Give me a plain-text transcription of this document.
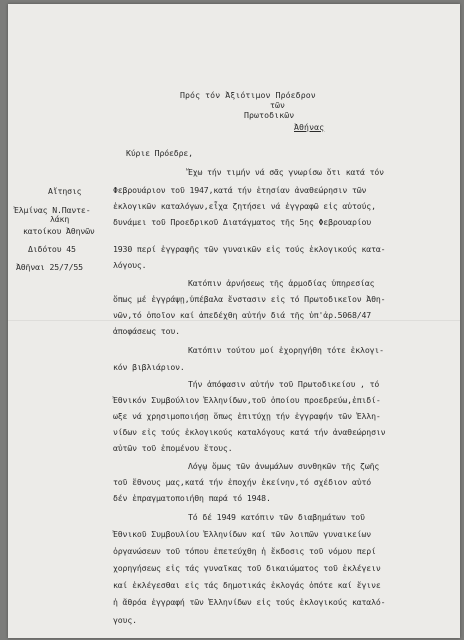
Πρός τόν Ἀξιότιμον Πρόεδρον
τῶν
Πρωτοδικῶν
Ἀθήνας
Κύριε Πρόεδρε,
Αἴτησις
Ἐλμίνας Ν.Παντε-
λάκη
κατοίκου Ἀθηνῶν
Διδότου 45
Ἀθῆναι 25/7/55
Ἔχω τήν τιμήν νά σᾶς γνωρίσω ὅτι κατά τόν
Φεβρουάριον τοῦ 1947,κατά τήν ἐτησίαν ἀναθεώρησιν τῶν
ἐκλογικῶν καταλόγων,εἶχα ζητήσει νά ἐγγραφῶ εἰς αὐτούς,
δυνάμει τοῦ Προεδρικοῦ Διατάγματος τῆς 5ης Φεβρουαρίου
1930 περί ἐγγραφῆς τῶν γυναικῶν εἰς τούς ἐκλογικούς κατα-
λόγους.
Κατόπιν ἀρνήσεως τῆς ἁρμοδίας ὑπηρεσίας
ὅπως μέ ἐγγράψῃ,ὑπέβαλα ἔνστασιν εἰς τό Πρωτοδικεῖον Ἀθη-
νῶν,τό ὁποῖον καί ἀπεδέχθη αὐτήν διά τῆς ὑπ'ἀρ.5068/47
ἀποφάσεως του.
Κατόπιν τούτου μοί ἐχορηγήθη τότε ἐκλογι-
κόν βιβλιάριον.
Τήν ἀπόφασιν αὐτήν τοῦ Πρωτοδικείου , τό
Ἐθνικόν Συμβούλιον Ἑλληνίδων,τοῦ ὁποίου προεδρεύω,ἐπιδί-
ωξε νά χρησιμοποιήσῃ ὅπως ἐπιτύχῃ τήν ἐγγραφήν τῶν Ἑλλη-
νίδων εἰς τούς ἐκλογικούς καταλόγους κατά τήν ἀναθεώρησιν
αὐτῶν τοῦ ἑπομένου ἔτους.
Λόγῳ ὅμως τῶν ἀνωμάλων συνθηκῶν τῆς ζωῆς
τοῦ ἔθνους μας,κατά τήν ἐποχήν ἐκείνην,τό σχέδιον αὐτό
δέν ἐπραγματοποιήθη παρά τό 1948.
Τό δέ 1949 κατόπιν τῶν διαβημάτων τοῦ
Ἐθνικοῦ Συμβουλίου Ἑλληνίδων καί τῶν λοιπῶν γυναικείων
ὀργανώσεων τοῦ τόπου ἐπετεύχθη ἡ ἔκδοσις τοῦ νόμου περί
χορηγήσεως εἰς τάς γυναῖκας τοῦ δικαιώματος τοῦ ἐκλέγειν
καί ἐκλέγεσθαι εἰς τάς δημοτικάς ἐκλογάς ὁπότε καί ἔγινε
ἡ ἄθρόα ἐγγραφή τῶν Ἑλληνίδων εἰς τούς ἐκλογικούς καταλό-
γους.
